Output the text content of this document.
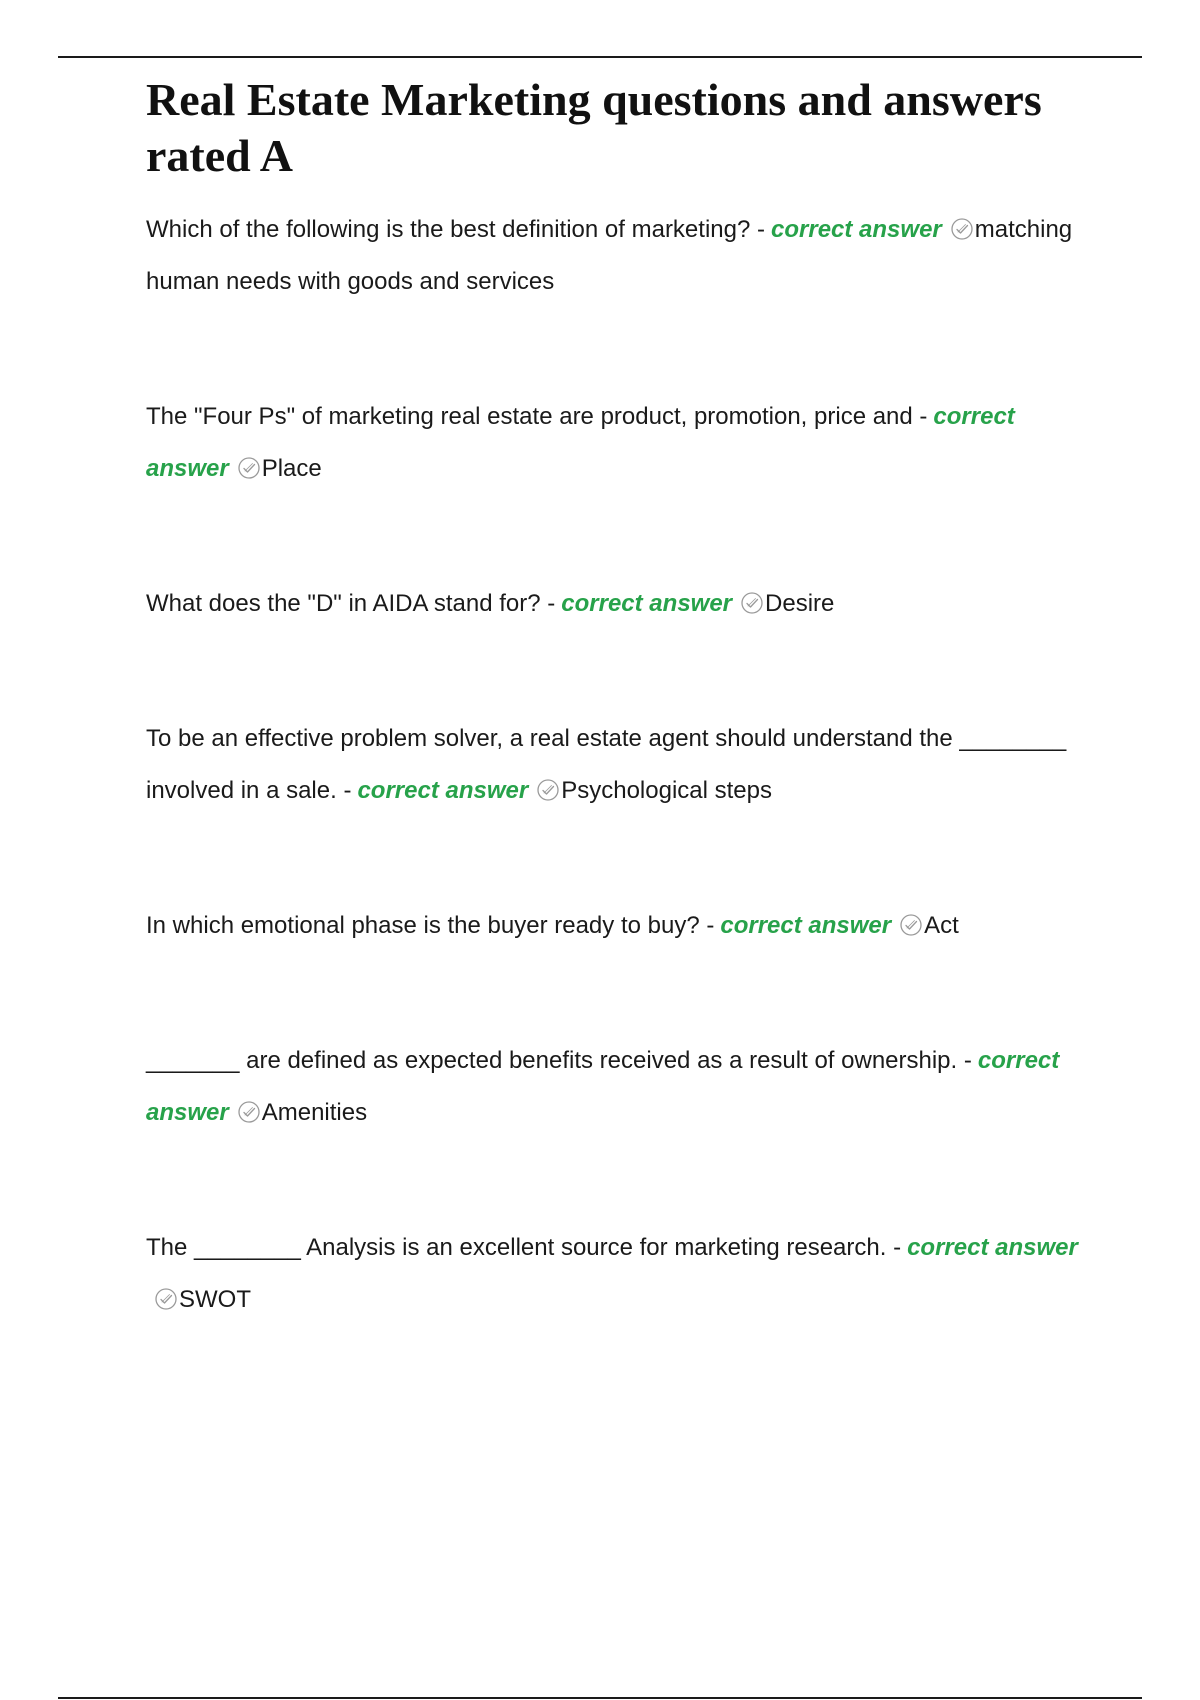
Real Estate Marketing questions and answers rated A

Which of the following is the best definition of marketing? - correct answer matching human needs with goods and services

The "Four Ps" of marketing real estate are product, promotion, price and - correct answer Place

What does the "D" in AIDA stand for? - correct answer Desire

To be an effective problem solver, a real estate agent should understand the ________ involved in a sale. - correct answer Psychological steps

In which emotional phase is the buyer ready to buy? - correct answer Act

_______ are defined as expected benefits received as a result of ownership. - correct answer Amenities

The ________ Analysis is an excellent source for marketing research. - correct answer
SWOT
